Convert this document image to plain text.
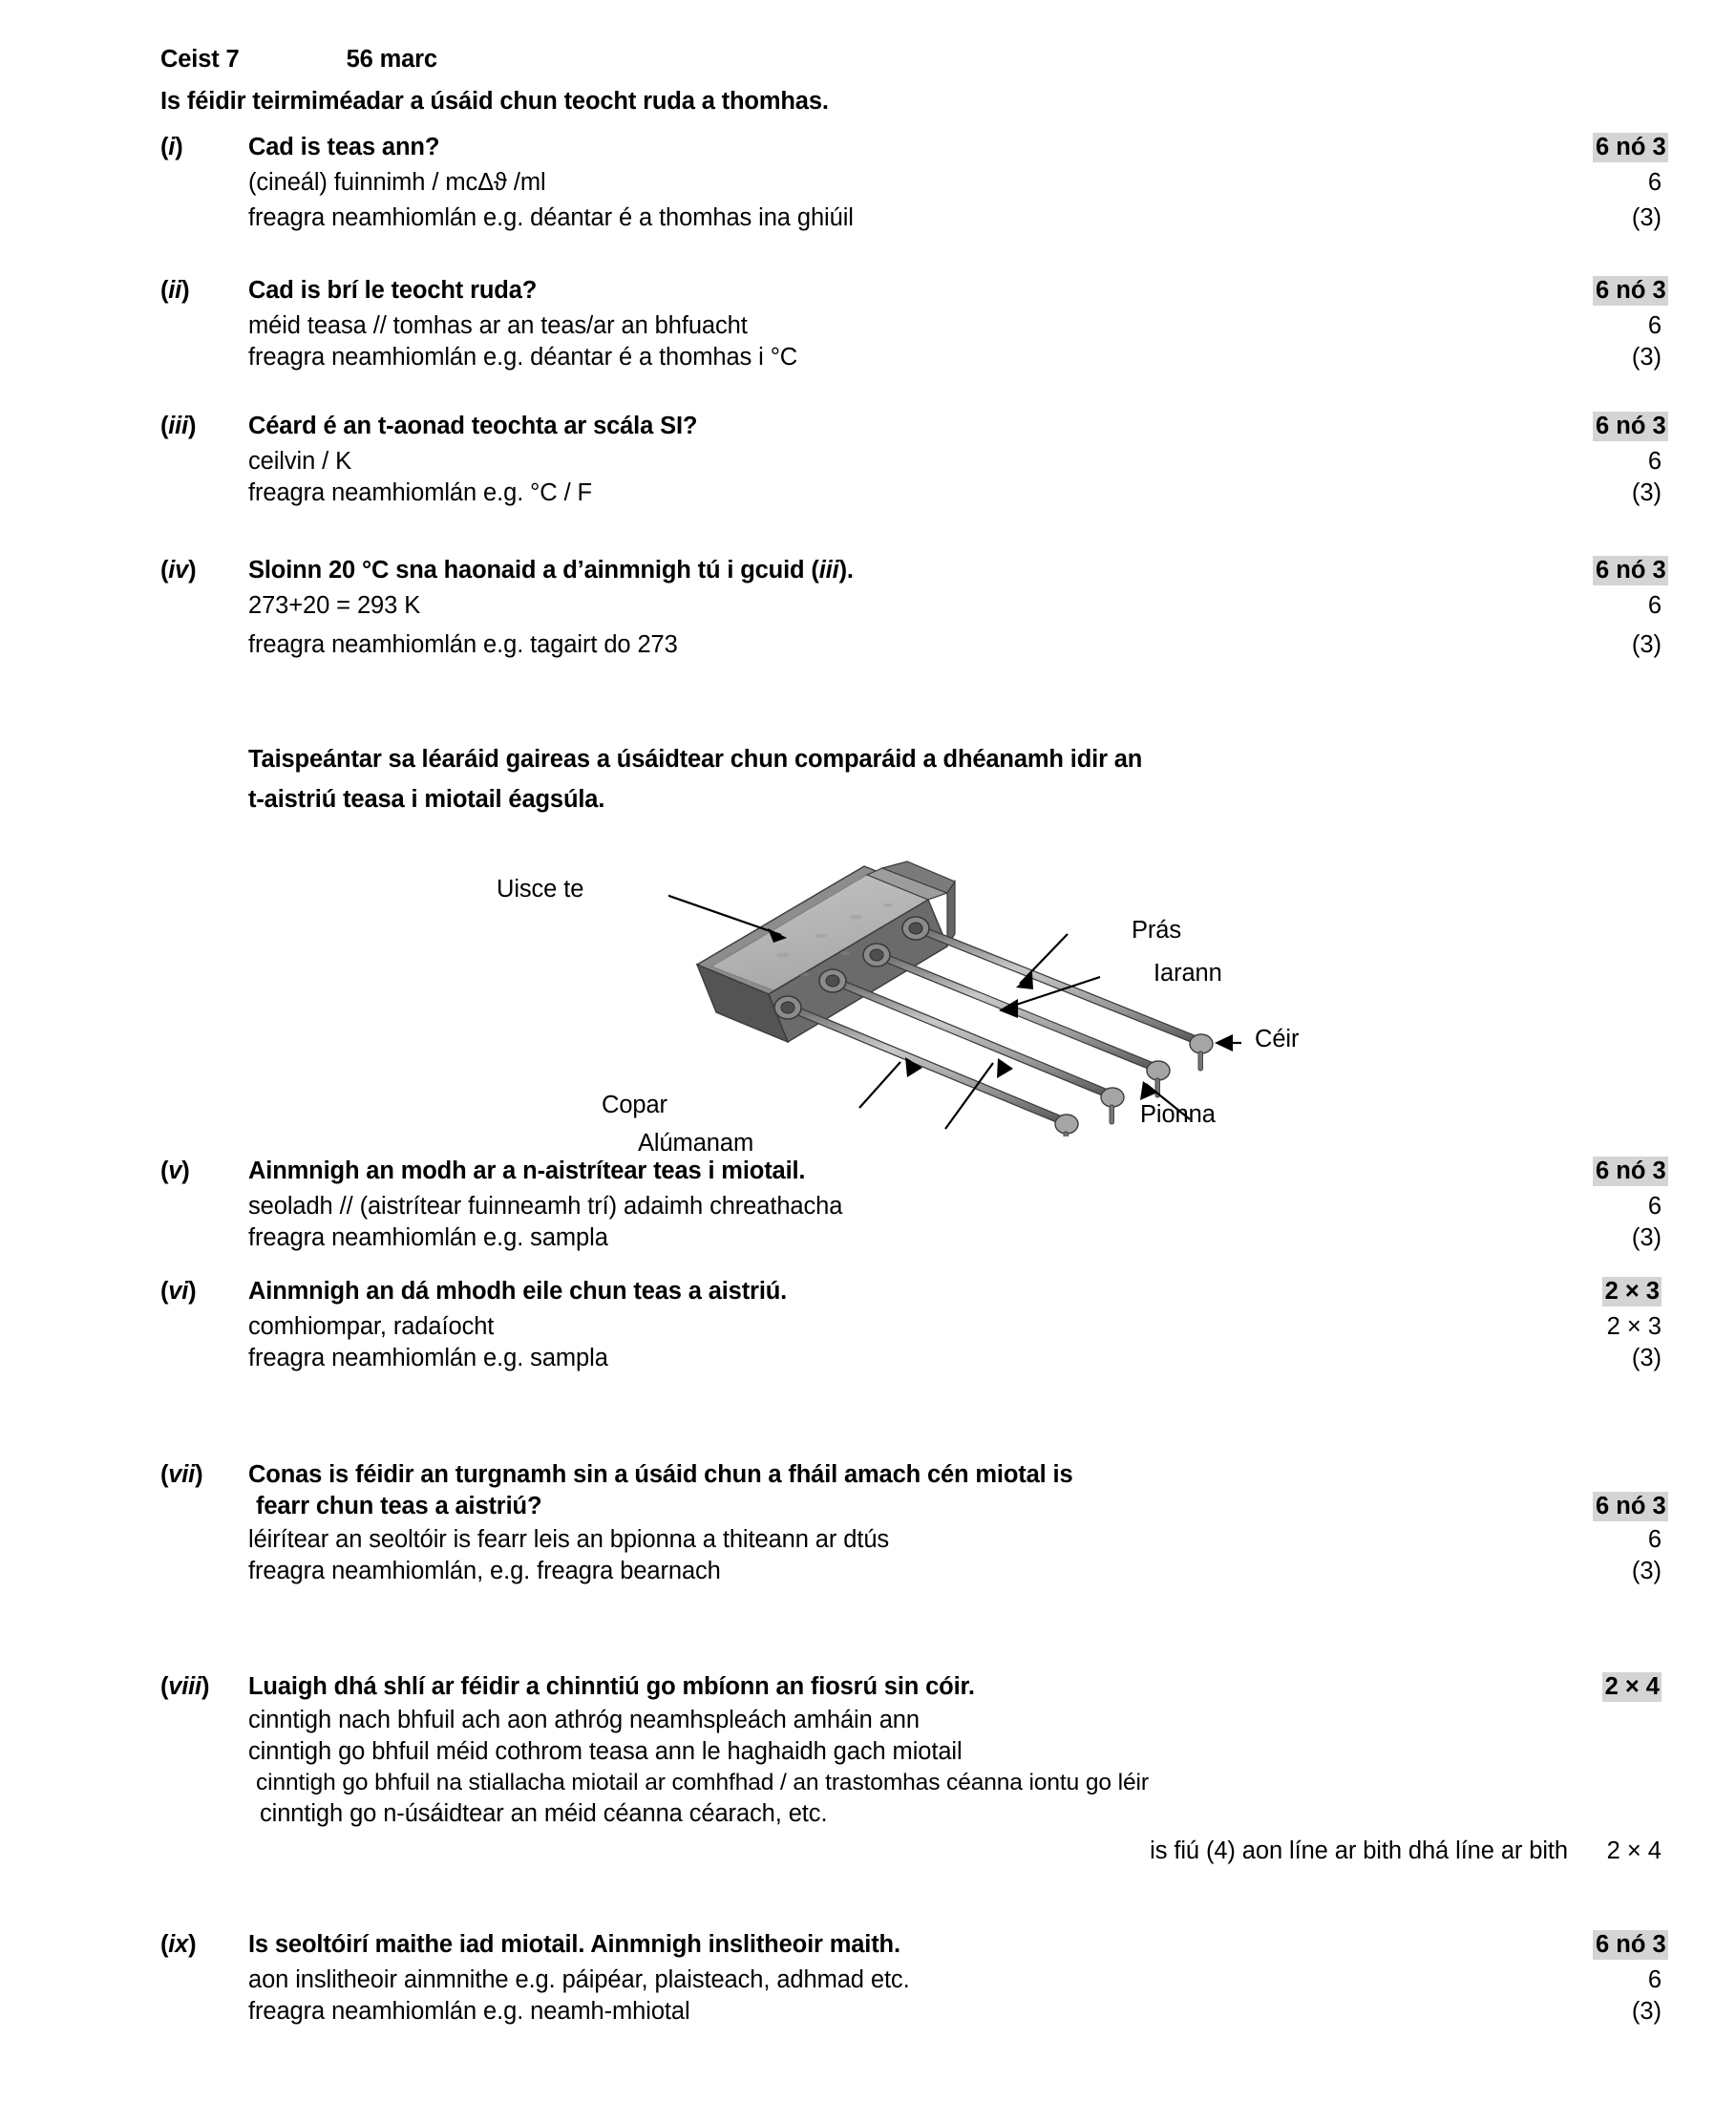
Ceist 7	56 marc
Is féidir teirmiméadar a úsáid chun teocht ruda a thomhas.
(i)	Cad is teas ann?	6 nó 3
(cineál) fuinnimh / mcΔϑ /ml	6
freagra neamhiomlán e.g. déantar é a thomhas ina ghiúil	(3)
(ii)	Cad is brí le teocht ruda?	6 nó 3
méid teasa // tomhas ar an teas/ar an bhfuacht	6
freagra neamhiomlán e.g. déantar é a thomhas i °C	(3)
(iii)	Céard é an t-aonad teochta ar scála SI?	6 nó 3
ceilvin / K	6
freagra neamhiomlán e.g. °C / F	(3)
(iv)	Sloinn 20 °C sna haonaid a d’ainmnigh tú i gcuid (iii).	6 nó 3
273+20 = 293 K	6
freagra neamhiomlán e.g. tagairt do 273	(3)
Taispeántar sa léaráid gaireas a úsáidtear chun comparáid a dhéanamh idir an
t-aistriú teasa i miotail éagsúla.
Uisce te
Prás
Iarann
Céir
Pionna
Copar
Alúmanam
(v)	Ainmnigh an modh ar a n-aistrítear teas i miotail.	6 nó 3
seoladh // (aistrítear fuinneamh trí) adaimh chreathacha	6
freagra neamhiomlán e.g. sampla	(3)
(vi)	Ainmnigh an dá mhodh eile chun teas a aistriú.	2 × 3
comhiompar, radaíocht	2 × 3
freagra neamhiomlán e.g. sampla	(3)
(vii)	Conas is féidir an turgnamh sin a úsáid chun a fháil amach cén miotal is
fearr chun teas a aistriú?	6 nó 3
léirítear an seoltóir is fearr leis an bpionna a thiteann ar dtús	6
freagra neamhiomlán, e.g. freagra bearnach	(3)
(viii)	Luaigh dhá shlí ar féidir a chinntiú go mbíonn an fiosrú sin cóir.	2 × 4
cinntigh nach bhfuil ach aon athróg neamhspleách amháin ann
cinntigh go bhfuil méid cothrom teasa ann le haghaidh gach miotail
cinntigh go bhfuil na stiallacha miotail ar comhfhad / an trastomhas céanna iontu go léir
cinntigh go n-úsáidtear an méid céanna céarach, etc.
is fiú (4) aon líne ar bith dhá líne ar bith	2 × 4
(ix)	Is seoltóirí maithe iad miotail. Ainmnigh inslitheoir maith.	6 nó 3
aon inslitheoir ainmnithe e.g. páipéar, plaisteach, adhmad etc.	6
freagra neamhiomlán e.g. neamh-mhiotal	(3)
